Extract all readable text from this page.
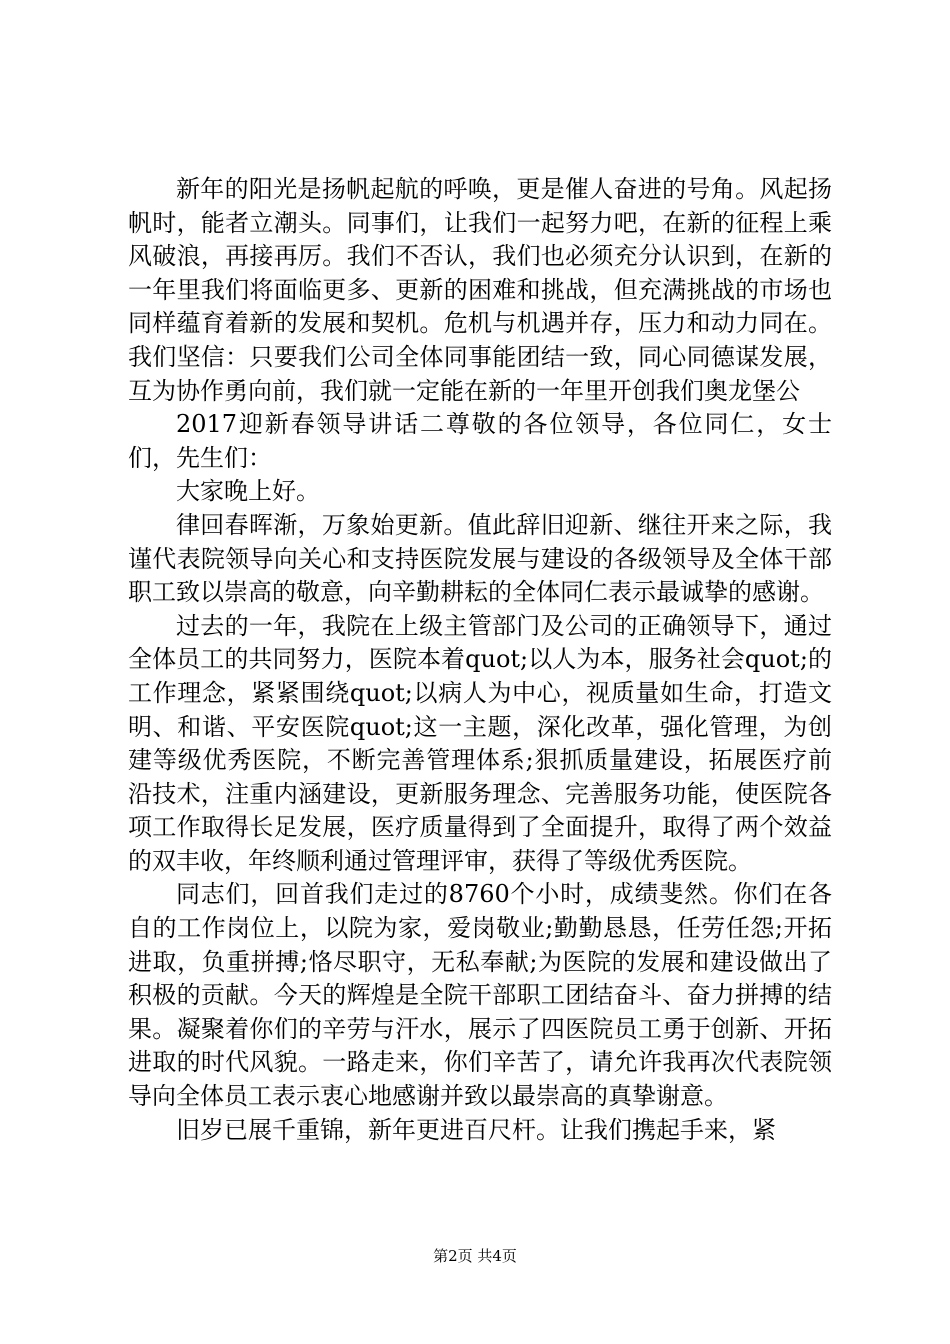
新年的阳光是扬帆起航的呼唤，更是催人奋进的号角。风起扬帆时，能者立潮头。同事们，让我们一起努力吧，在新的征程上乘风破浪，再接再厉。我们不否认，我们也必须充分认识到，在新的一年里我们将面临更多、更新的困难和挑战，但充满挑战的市场也同样蕴育着新的发展和契机。危机与机遇并存，压力和动力同在。我们坚信：只要我们公司全体同事能团结一致，同心同德谋发展，互为协作勇向前，我们就一定能在新的一年里开创我们奥龙堡公

2017迎新春领导讲话二尊敬的各位领导，各位同仁，女士们，先生们：

大家晚上好。

律回春晖渐，万象始更新。值此辞旧迎新、继往开来之际，我谨代表院领导向关心和支持医院发展与建设的各级领导及全体干部职工致以崇高的敬意，向辛勤耕耘的全体同仁表示最诚挚的感谢。

过去的一年，我院在上级主管部门及公司的正确领导下，通过全体员工的共同努力，医院本着quot;以人为本，服务社会quot;的工作理念，紧紧围绕quot;以病人为中心，视质量如生命，打造文明、和谐、平安医院quot;这一主题，深化改革，强化管理，为创建等级优秀医院，不断完善管理体系;狠抓质量建设，拓展医疗前沿技术，注重内涵建设，更新服务理念、完善服务功能，使医院各项工作取得长足发展，医疗质量得到了全面提升，取得了两个效益的双丰收，年终顺利通过管理评审，获得了等级优秀医院。

同志们，回首我们走过的8760个小时，成绩斐然。你们在各自的工作岗位上，以院为家，爱岗敬业;勤勤恳恳，任劳任怨;开拓进取，负重拼搏;恪尽职守，无私奉献;为医院的发展和建设做出了积极的贡献。今天的辉煌是全院干部职工团结奋斗、奋力拼搏的结果。凝聚着你们的辛劳与汗水，展示了四医院员工勇于创新、开拓进取的时代风貌。一路走来，你们辛苦了，请允许我再次代表院领导向全体员工表示衷心地感谢并致以最崇高的真挚谢意。

旧岁已展千重锦，新年更进百尺杆。让我们携起手来，紧

第2页 共4页
